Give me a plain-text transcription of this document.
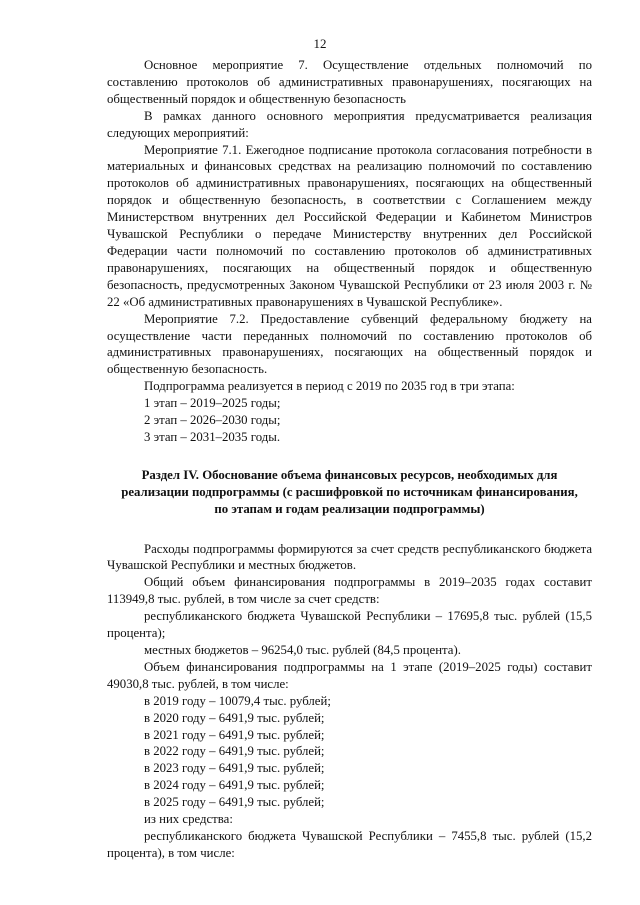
12

Основное мероприятие 7. Осуществление отдельных полномочий по составлению протоколов об административных правонарушениях, посягающих на общественный порядок и общественную безопасность

В рамках данного основного мероприятия предусматривается реализация следующих мероприятий:

Мероприятие 7.1. Ежегодное подписание протокола согласования потребности в материальных и финансовых средствах на реализацию полномочий по составлению протоколов об административных правонарушениях, посягающих на общественный порядок и общественную безопасность, в соответствии с Соглашением между Министерством внутренних дел Российской Федерации и Кабинетом Министров Чувашской Республики о передаче Министерству внутренних дел Российской Федерации части полномочий по составлению протоколов об административных правонарушениях, посягающих на общественный порядок и общественную безопасность, предусмотренных Законом Чувашской Республики от 23 июля 2003 г. № 22 «Об административных правонарушениях в Чувашской Республике».

Мероприятие 7.2. Предоставление субвенций федеральному бюджету на осуществление части переданных полномочий по составлению протоколов об административных правонарушениях, посягающих на общественный порядок и общественную безопасность.

Подпрограмма реализуется в период с 2019 по 2035 год в три этапа:

1 этап – 2019–2025 годы;

2 этап – 2026–2030 годы;

3 этап – 2031–2035 годы.

Раздел IV. Обоснование объема финансовых ресурсов, необходимых для реализации подпрограммы (с расшифровкой по источникам финансирования, по этапам и годам реализации подпрограммы)

Расходы подпрограммы формируются за счет средств республиканского бюджета Чувашской Республики и местных бюджетов.

Общий объем финансирования подпрограммы в 2019–2035 годах составит 113949,8 тыс. рублей, в том числе за счет средств:

республиканского бюджета Чувашской Республики – 17695,8 тыс. рублей (15,5 процента);

местных бюджетов – 96254,0 тыс. рублей (84,5 процента).

Объем финансирования подпрограммы на 1 этапе (2019–2025 годы) составит 49030,8 тыс. рублей, в том числе:

в 2019 году – 10079,4 тыс. рублей;

в 2020 году – 6491,9 тыс. рублей;

в 2021 году – 6491,9 тыс. рублей;

в 2022 году – 6491,9 тыс. рублей;

в 2023 году – 6491,9 тыс. рублей;

в 2024 году – 6491,9 тыс. рублей;

в 2025 году – 6491,9 тыс. рублей;

из них средства:

республиканского бюджета Чувашской Республики – 7455,8 тыс. рублей (15,2 процента), в том числе:
